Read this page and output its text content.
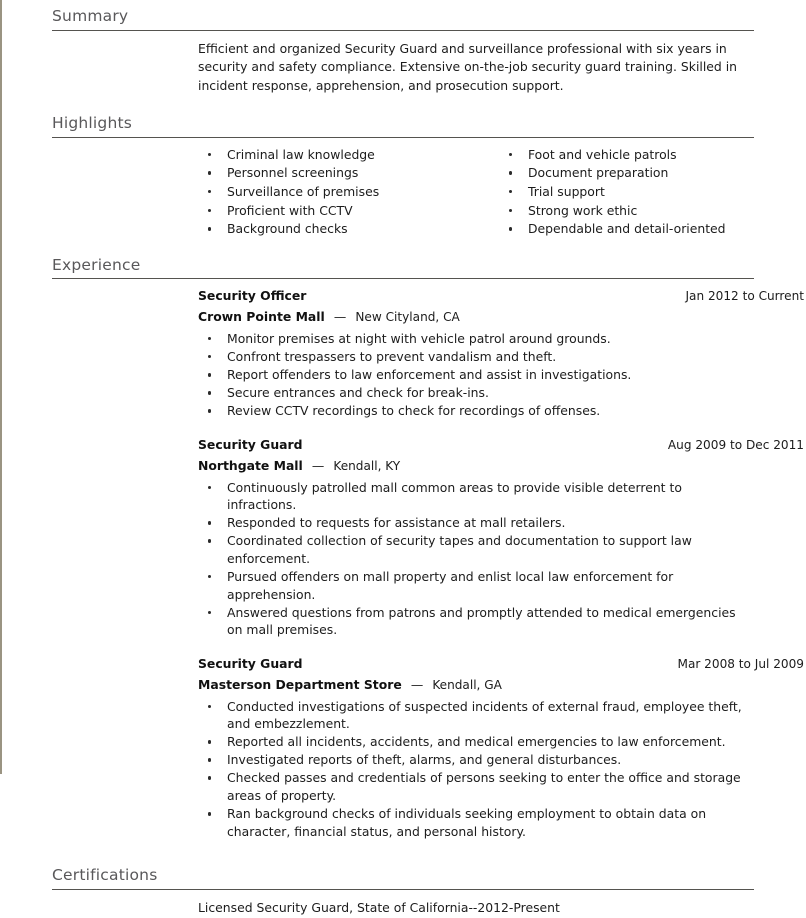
Summary
Efficient and organized Security Guard and surveillance professional with six years in security and safety compliance. Extensive on-the-job security guard training. Skilled in incident response, apprehension, and prosecution support.
Highlights
Criminal law knowledge
Personnel screenings
Surveillance of premises
Proficient with CCTV
Background checks
Foot and vehicle patrols
Document preparation
Trial support
Strong work ethic
Dependable and detail-oriented
Experience
Security Officer	Jan 2012 to Current
Crown Pointe Mall — New Cityland, CA
Monitor premises at night with vehicle patrol around grounds.
Confront trespassers to prevent vandalism and theft.
Report offenders to law enforcement and assist in investigations.
Secure entrances and check for break-ins.
Review CCTV recordings to check for recordings of offenses.
Security Guard	Aug 2009 to Dec 2011
Northgate Mall — Kendall, KY
Continuously patrolled mall common areas to provide visible deterrent to infractions.
Responded to requests for assistance at mall retailers.
Coordinated collection of security tapes and documentation to support law enforcement.
Pursued offenders on mall property and enlist local law enforcement for apprehension.
Answered questions from patrons and promptly attended to medical emergencies on mall premises.
Security Guard	Mar 2008 to Jul 2009
Masterson Department Store — Kendall, GA
Conducted investigations of suspected incidents of external fraud, employee theft, and embezzlement.
Reported all incidents, accidents, and medical emergencies to law enforcement.
Investigated reports of theft, alarms, and general disturbances.
Checked passes and credentials of persons seeking to enter the office and storage areas of property.
Ran background checks of individuals seeking employment to obtain data on character, financial status, and personal history.
Certifications
Licensed Security Guard, State of California--2012-Present
